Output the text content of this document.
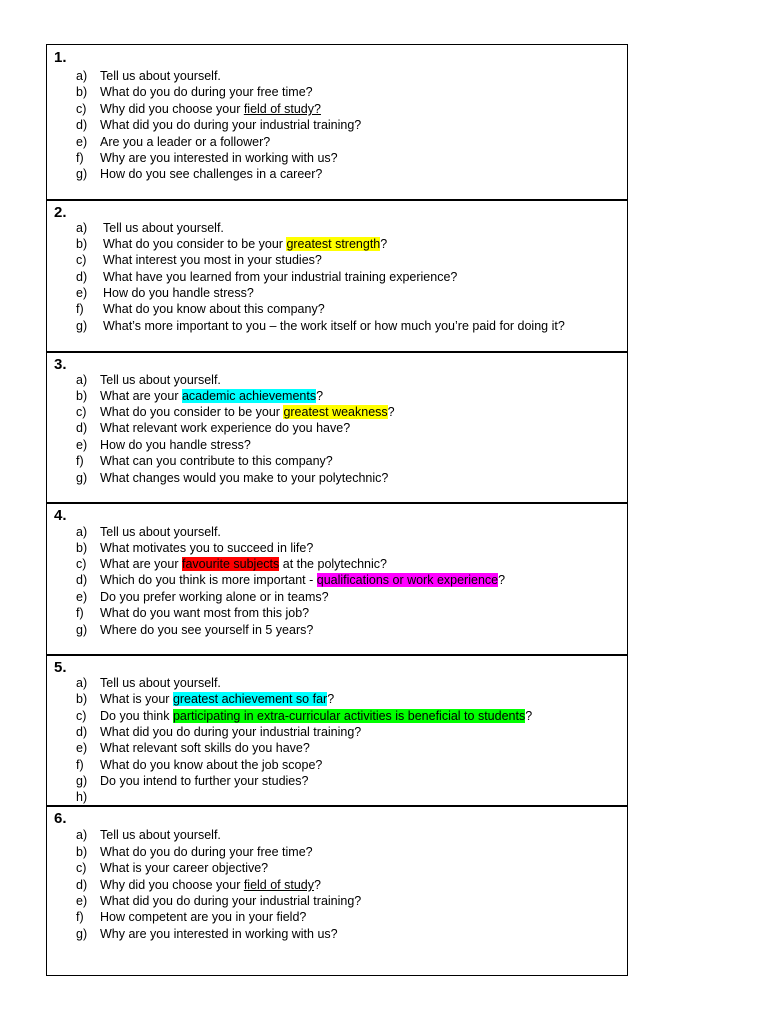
1.
a) Tell us about yourself.
b) What do you do during your free time?
c) Why did you choose your field of study?
d) What did you do during your industrial training?
e) Are you a leader or a follower?
f) Why are you interested in working with us?
g) How do you see challenges in a career?
2.
a) Tell us about yourself.
b) What do you consider to be your greatest strength?
c) What interest you most in your studies?
d) What have you learned from your industrial training experience?
e) How do you handle stress?
f) What do you know about this company?
g) What’s more important to you – the work itself or how much you’re paid for doing it?
3.
a) Tell us about yourself.
b) What are your academic achievements?
c) What do you consider to be your greatest weakness?
d) What relevant work experience do you have?
e) How do you handle stress?
f) What can you contribute to this company?
g) What changes would you make to your polytechnic?
4.
a) Tell us about yourself.
b) What motivates you to succeed in life?
c) What are your favourite subjects at the polytechnic?
d) Which do you think is more important - qualifications or work experience?
e) Do you prefer working alone or in teams?
f) What do you want most from this job?
g) Where do you see yourself in 5 years?
5.
a) Tell us about yourself.
b) What is your greatest achievement so far?
c) Do you think participating in extra-curricular activities is beneficial to students?
d) What did you do during your industrial training?
e) What relevant soft skills do you have?
f) What do you know about the job scope?
g) Do you intend to further your studies?
h)
6.
a) Tell us about yourself.
b) What do you do during your free time?
c) What is your career objective?
d) Why did you choose your field of study?
e) What did you do during your industrial training?
f) How competent are you in your field?
g) Why are you interested in working with us?
